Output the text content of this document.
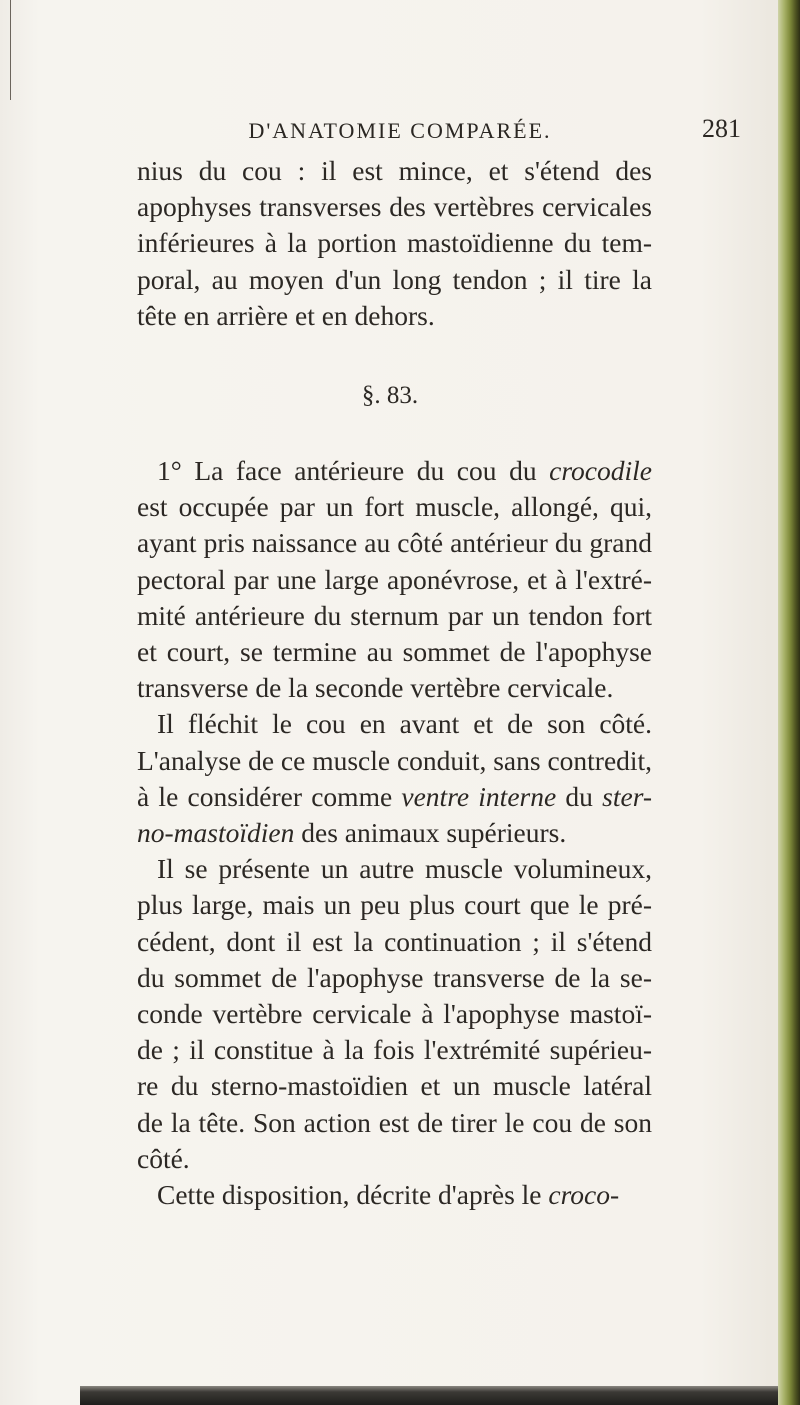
D'ANATOMIE COMPARÉE.	281
nius du cou : il est mince, et s'étend des
apophyses transverses des vertèbres cervicales
inférieures à la portion mastoïdienne du tem-
poral, au moyen d'un long tendon ; il tire la
tête en arrière et en dehors.
§. 83.
1° La face antérieure du cou du crocodile
est occupée par un fort muscle, allongé, qui,
ayant pris naissance au côté antérieur du grand
pectoral par une large aponévrose, et à l'extré-
mité antérieure du sternum par un tendon fort
et court, se termine au sommet de l'apophyse
transverse de la seconde vertèbre cervicale.
Il fléchit le cou en avant et de son côté.
L'analyse de ce muscle conduit, sans contredit,
à le considérer comme ventre interne du ster-
no-mastoïdien des animaux supérieurs.
Il se présente un autre muscle volumineux,
plus large, mais un peu plus court que le pré-
cédent, dont il est la continuation ; il s'étend
du sommet de l'apophyse transverse de la se-
conde vertèbre cervicale à l'apophyse mastoï-
de ; il constitue à la fois l'extrémité supérieu-
re du sterno-mastoïdien et un muscle latéral
de la tête. Son action est de tirer le cou de son
côté.
Cette disposition, décrite d'après le croco-
